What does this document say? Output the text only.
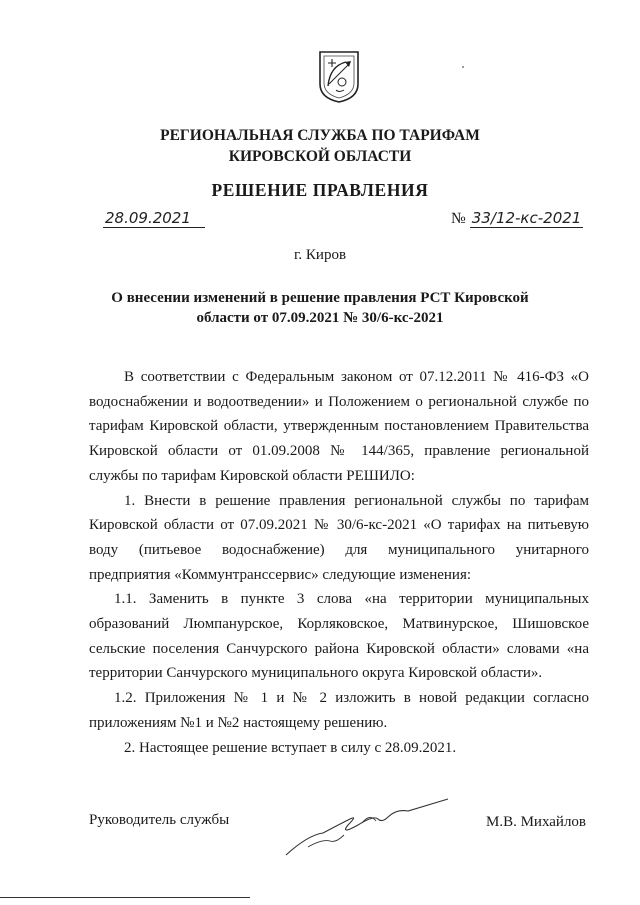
РЕГИОНАЛЬНАЯ СЛУЖБА ПО ТАРИФАМ
КИРОВСКОЙ ОБЛАСТИ
РЕШЕНИЕ ПРАВЛЕНИЯ
28.09.2021	№ 33/12-кс-2021
г. Киров
О внесении изменений в решение правления РСТ Кировской
области от 07.09.2021 № 30/6-кс-2021

В соответствии с Федеральным законом от 07.12.2011 № 416-ФЗ «О водоснабжении и водоотведении» и Положением о региональной службе по тарифам Кировской области, утвержденным постановлением Правительства Кировской области от 01.09.2008 № 144/365, правление региональной службы по тарифам Кировской области РЕШИЛО:

1. Внести в решение правления региональной службы по тарифам Кировской области от 07.09.2021 № 30/6-кс-2021 «О тарифах на питьевую воду (питьевое водоснабжение) для муниципального унитарного предприятия «Коммунтранссервис» следующие изменения:

1.1. Заменить в пункте 3 слова «на территории муниципальных образований Люмпанурское, Корляковское, Матвинурское, Шишовское сельские поселения Санчурского района Кировской области» словами «на территории Санчурского муниципального округа Кировской области».

1.2. Приложения № 1 и № 2 изложить в новой редакции согласно приложениям №1 и №2 настоящему решению.

2. Настоящее решение вступает в силу с 28.09.2021.

Руководитель службы	М.В. Михайлов
